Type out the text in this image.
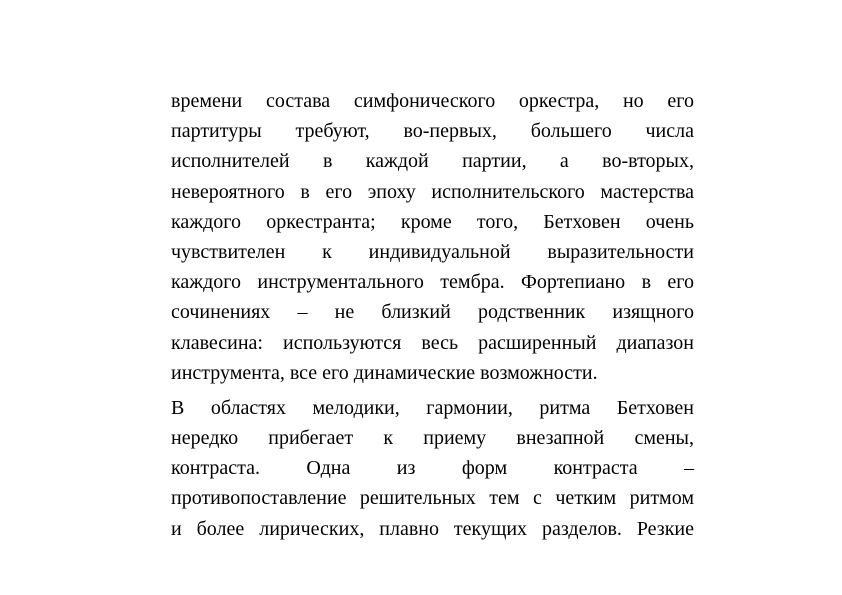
времени состава симфонического оркестра, но его
партитуры требуют, во-первых, большего числа
исполнителей в каждой партии, а во-вторых,
невероятного в его эпоху исполнительского мастерства
каждого оркестранта; кроме того, Бетховен очень
чувствителен к индивидуальной выразительности
каждого инструментального тембра. Фортепиано в его
сочинениях – не близкий родственник изящного
клавесина: используются весь расширенный диапазон
инструмента, все его динамические возможности.

В областях мелодики, гармонии, ритма Бетховен
нередко прибегает к приему внезапной смены,
контраста. Одна из форм контраста –
противопоставление решительных тем с четким ритмом
и более лирических, плавно текущих разделов. Резкие
